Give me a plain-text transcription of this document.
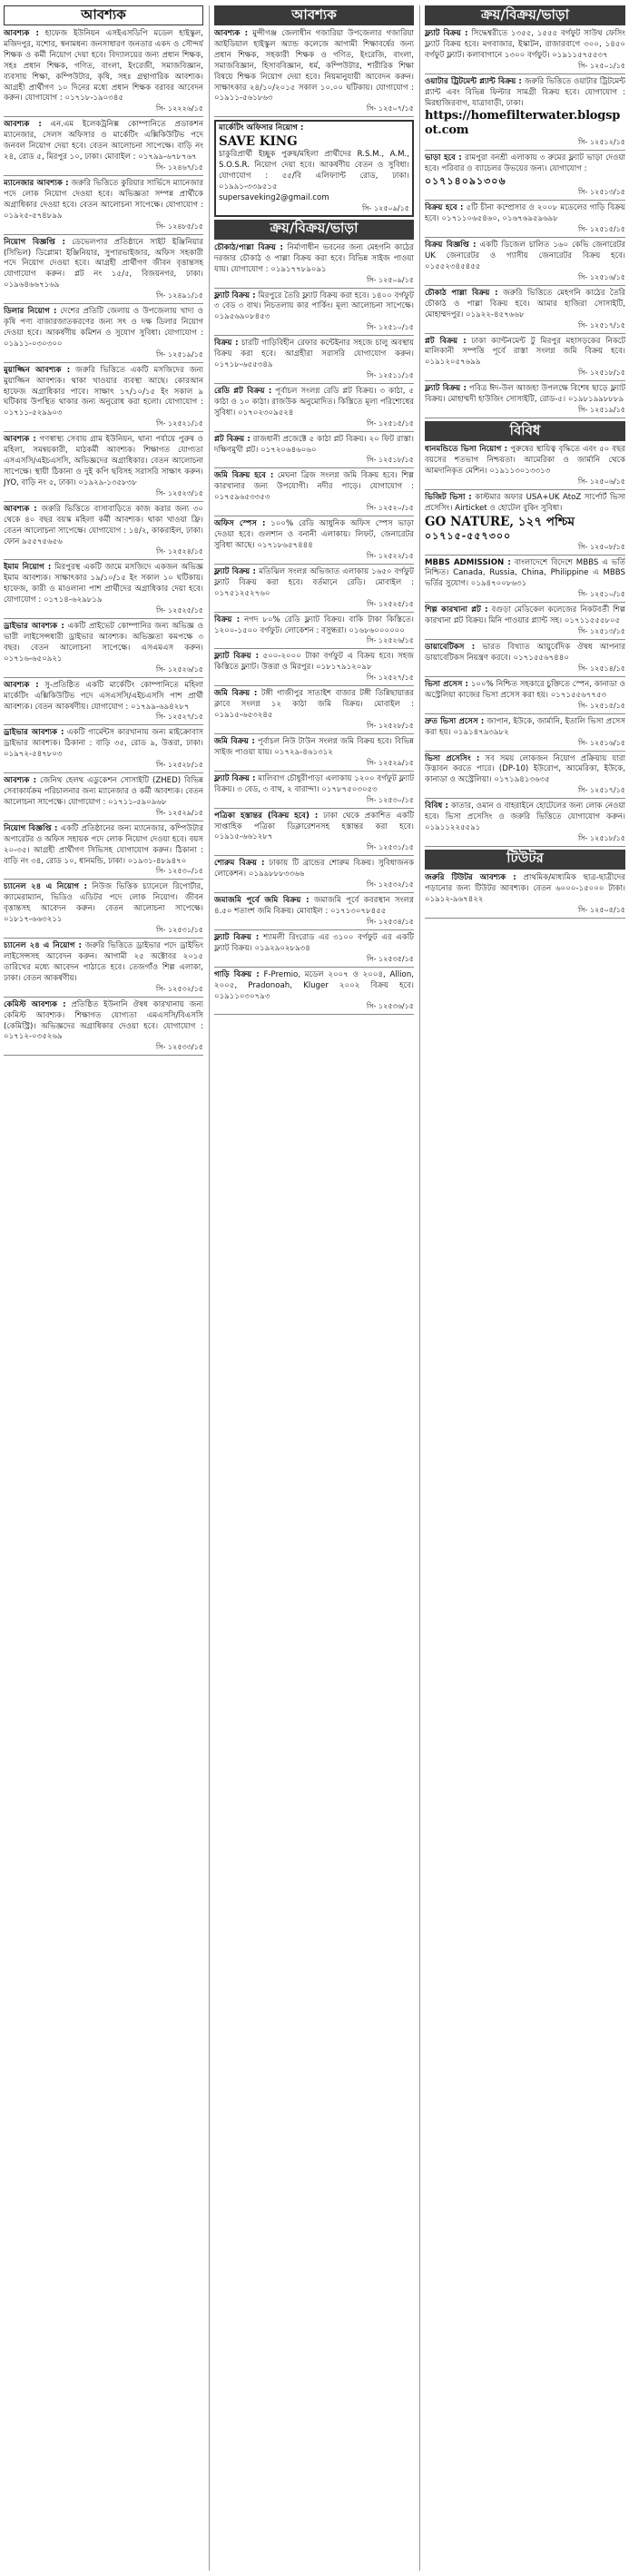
আবশ্যক
আবশ্যক : হাফেজ ইউনিয়ন এসইএসডিপি মডেল হাইস্কুল, মজিদপুর, যশোর, স্বনামধন্য জনসাধারণ জনতার একদ ও সৌন্দর্য শিক্ষক ও কর্মী নিয়োগ দেয়া হবে। বিদ্যালয়ের জন্য প্রধান শিক্ষক, সহঃ প্রধান শিক্ষক, গণিত, বাংলা, ইংরেজী, সমাজবিজ্ঞান, ব্যবসায় শিক্ষা, কম্পিউটার, কৃষি, সহঃ গ্রন্থাগারিক আবশ্যক। আগ্রহী প্রার্থীগণ ১০ দিনের মধ্যে প্রধান শিক্ষক বরাবর আবেদন করুন। যোগাযোগ : ০১৭১৮-১৯০৩৪৫
সি- ১২২২৬/১৫
আবশ্যক : এন.এম ইলেকট্রনিক্স কোম্পানিতে প্রডাকশন ম্যানেজার, সেলস অফিসার ও মার্কেটিং এক্সিকিউটিভ পদে জনবল নিয়োগ দেয়া হবে। বেতন আলোচনা সাপেক্ষে। বাড়ি নং ২৪, রোড ৫, মিরপুর ১০, ঢাকা। মোবাইল : ০১৭৯৯-৬৭৮৭৬৭
সি- ১২৪৬৭/১৫
ম্যানেজার আবশ্যক : জরুরি ভিত্তিতে কুরিয়ার সার্ভিসে ম্যানেজার পদে লোক নিয়োগ দেওয়া হবে। অভিজ্ঞতা সম্পন্ন প্রার্থীকে অগ্রাধিকার দেওয়া হবে। বেতন আলোচনা সাপেক্ষে। যোগাযোগ : ০১৯২৫-৫৭৪৮৯৯
সি- ১২৪৮৫/১৫
নিয়োগ বিজ্ঞপ্তি : ডেভেলপার প্রতিষ্ঠানে সাইট ইঞ্জিনিয়ার (সিভিল) ডিপ্লোমা ইঞ্জিনিয়ার, সুপারভাইজার, অফিস সহকারী পদে নিয়োগ দেওয়া হবে। আগ্রহী প্রার্থীগণ জীবন বৃত্তান্তসহ যোগাযোগ করুন। প্লট নং ১৫/৫, বিজয়নগর, ঢাকা। ০১৯৬৪৬৬৭১৬৯
সি- ১২৪৯১/১৫
ডিলার নিয়োগ : দেশের প্রতিটি জেলায় ও উপজেলায় খাদ্য ও কৃষি পণ্য বাজারজাতকরণের জন্য সৎ ও দক্ষ ডিলার নিয়োগ দেওয়া হবে। আকর্ষণীয় কমিশন ও সুযোগ সুবিধা। যোগাযোগ : ০১৯১১-০৩০৩০০
সি- ১২৫১৯/১৫
মুয়াজ্জিন আবশ্যক : জরুরি ভিত্তিতে একটি মসজিদের জন্য মুয়াজ্জিন আবশ্যক। থাকা খাওয়ার ব্যবস্থা আছে। কোরআন হাফেজ অগ্রাধিকার পাবে। সাক্ষাৎ ১৭/১০/১৫ ইং সকাল ৯ ঘটিকায় উপস্থিত থাকার জন্য অনুরোধ করা হলো। যোগাযোগ : ০১৭১১-৫২৯৯০৩
সি- ১২৫২১/১৫
আবশ্যক : গণস্বাস্থ্য সেবায় গ্রাম ইউনিয়ন, থানা পর্যায়ে পুরুষ ও মহিলা, সমন্বয়কারী, মাঠকর্মী আবশ্যক। শিক্ষাগত যোগ্যতা এসএসসি/এইচএসসি, অভিজ্ঞদের অগ্রাধিকার। বেতন আলোচনা সাপেক্ষে। স্থায়ী ঠিকানা ও দুই কপি ছবিসহ সরাসরি সাক্ষাৎ করুন। JYO, বাড়ি নং ৫, ঢাকা। ০১৯২৯-১৩৫৮৩৮
সি- ১২৫২৩/১৫
আবশ্যক : জরুরি ভিত্তিতে বাসাবাড়িতে কাজ করার জন্য ৩০ থেকে ৪০ বছর বয়স্ক মহিলা কর্মী আবশ্যক। থাকা খাওয়া ফ্রি। বেতন আলোচনা সাপেক্ষে। যোগাযোগ : ১৪/২, কাকরাইল, ঢাকা। ফোন ৯৫৫৭৫৬৫৬
সি- ১২৫২৪/১৫
ইমাম নিয়োগ : মিরপুরস্থ একটি জামে মসজিদে একজন অভিজ্ঞ ইমাম আবশ্যক। সাক্ষাৎকার ১৯/১০/১৫ ইং সকাল ১০ ঘটিকায়। হাফেজ, কারী ও মাওলানা পাশ প্রার্থীদের অগ্রাধিকার দেয়া হবে। যোগাযোগ : ০১৭১৪-৬২৯৮১৯
সি- ১২৫২৫/১৫
ড্রাইভার আবশ্যক : একটি প্রাইভেট কোম্পানির জন্য অভিজ্ঞ ও ভারী লাইসেন্সধারী ড্রাইভার আবশ্যক। অভিজ্ঞতা কমপক্ষে ৩ বছর। বেতন আলোচনা সাপেক্ষে। এসএমএস করুন। ০১৭১৬-৬৫০৯২১
সি- ১২৫২৬/১৫
আবশ্যক : সু-প্রতিষ্ঠিত একটি মার্কেটিং কোম্পানিতে মহিলা মার্কেটিং এক্সিকিউটিভ পদে এসএসসি/এইচএসসি পাশ প্রার্থী আবশ্যক। বেতন আকর্ষণীয়। যোগাযোগ : ০১৭৯৯-৬৯৪২৮৭
সি- ১২৫২৭/১৫
ড্রাইভার আবশ্যক : একটি গার্মেন্টস কারখানায় জন্য মাইক্রোবাস ড্রাইভার আবশ্যক। ঠিকানা : বাড়ি ৩৫, রোড ৯, উত্তরা, ঢাকা। ০১৯৭২-৫৪৭৮০৩
সি- ১২৫২৮/১৫
আবশ্যক : জেনিথ হেলথ এডুকেশন সোসাইটি (ZHED) বিভিন্ন সেবাকার্যক্রম পরিচালনার জন্য ম্যানেজার ও কর্মী আবশ্যক। বেতন আলোচনা সাপেক্ষে। যোগাযোগ : ০১৭১১-৫৯০৯৬৮
সি- ১২৫২৯/১৫
নিয়োগ বিজ্ঞপ্তি : একটি প্রতিষ্ঠানের জন্য ম্যানেজার, কম্পিউটার অপারেটর ও অফিস সহায়ক পদে লোক নিয়োগ দেওয়া হবে। বয়স ২০-৩৫। আগ্রহী প্রার্থীগণ সিভিসহ যোগাযোগ করুন। ঠিকানা : বাড়ি নং ৩৪, রোড ১০, ধানমন্ডি, ঢাকা। ০১৯৩১-৪৮৯৪৭০
সি- ১২৫৩০/১৫
চ্যানেল ২৪ এ নিয়োগ : নিউজ ভিত্তিক চ্যানেলে রিপোর্টার, ক্যামেরাম্যান, ভিডিও এডিটর পদে লোক নিয়োগ। জীবন বৃত্তান্তসহ আবেদন করুন। বেতন আলোচনা সাপেক্ষে। ০১৮১৭-৬৬৩২১১
সি- ১২৫৩১/১৫
চ্যানেল ২৪ এ নিয়োগ : জরুরি ভিত্তিতে ড্রাইভার পদে ড্রাইভিং লাইসেন্সসহ আবেদন করুন। আগামী ২৫ অক্টোবর ২০১৫ তারিখের মধ্যে আবেদন পাঠাতে হবে। তেজগাঁও শিল্প এলাকা, ঢাকা। বেতন আকর্ষণীয়।
সি- ১২৫৩২/১৫
কেমিস্ট আবশ্যক : প্রতিষ্ঠিত ইউনানি ঔষধ কারখানায় জন্য কেমিস্ট আবশ্যক। শিক্ষাগত যোগ্যতা এমএসসি/বিএসসি (কেমিস্ট্রি)। অভিজ্ঞদের অগ্রাধিকার দেওয়া হবে। যোগাযোগ : ০১৭১২-০৩৫২৬৯
সি- ১২৫৩৩/১৫
আবশ্যক
আবশ্যক : মুন্সীগঞ্জ জেলাধীন গজারিয়া উপজেলার গজারিয়া আইডিয়াল হাইস্কুল অ্যান্ড কলেজে আগামী শিক্ষাবর্ষের জন্য প্রধান শিক্ষক, সহকারী শিক্ষক ও গণিত, ইংরেজি, বাংলা, সমাজবিজ্ঞান, হিসাববিজ্ঞান, ধর্ম, কম্পিউটার, শারীরিক শিক্ষা বিষয়ে শিক্ষক নিয়োগ দেয়া হবে। নিয়মানুযায়ী আবেদন করুন। সাক্ষাৎকার ২৪/১০/২০১৫ সকাল ১০.০০ ঘটিকায়। যোগাযোগ : ০১৯১১-৫৬১৮৬৩
সি- ১২৫০৭/১৫
মার্কেটিং অফিসার নিয়োগ :
SAVE KING
চাকুরিপ্রার্থী ইচ্ছুক পুরুষ/মহিলা প্রার্থীদের R.S.M., A.M., S.O.S.R. নিয়োগ দেয়া হবে। আকর্ষণীয় বেতন ও সুবিধা। যোগাযোগ : ৫৫/বি এলিফ্যান্ট রোড, ঢাকা। ০১৯৯১-৩৩৯৫১৫
supersaveking2@gmail.com
সি- ১২৫০৯/১৫
ক্রয়/বিক্রয়/ভাড়া
চৌকাঠ/পাল্লা বিক্রয় : নির্মাণাধীন ভবনের জন্য মেহগনি কাঠের দরজার চৌকাঠ ও পাল্লা বিক্রয় করা হবে। বিভিন্ন সাইজ পাওয়া যায়। যোগাযোগ : ০১৯১৭৭৮৯০৯১
সি- ১২৫০৯/১৫
ফ্ল্যাট বিক্রয় : মিরপুরে তৈরি ফ্ল্যাট বিক্রয় করা হবে। ১৪০০ বর্গফুট ৩ বেড ৩ বাথ। নিচতলায় কার পার্কিং। মূল্য আলোচনা সাপেক্ষে। ০১৯৫৬৯০৮৪৫৩
সি- ১২৫১০/১৫
বিক্রয় : চারটি গাড়িবিহীন রেফার কন্টেইনার সহজে চালু অবস্থায় বিক্রয় করা হবে। আগ্রহীরা সরাসরি যোগাযোগ করুন। ০১৭১৮-৬৫৫৩৪৯
সি- ১২৫১১/১৫
রেডি প্লট বিক্রয় : পূর্বাচল সংলগ্ন রেডি প্লট বিক্রয়। ৩ কাঠা, ৫ কাঠা ও ১০ কাঠা। রাজউক অনুমোদিত। কিস্তিতে মূল্য পরিশোধের সুবিধা। ০১৭০২৩০৯৫২৪
সি- ১২৫১৫/১৫
প্লট বিক্রয় : রাজধানী প্রজেক্টে ৫ কাঠা প্লট বিক্রয়। ২০ ফিট রাস্তা। দক্ষিণমুখী প্লট। ০১৭২০৬৪৬০৬০
সি- ১২৫১৮/১৫
জমি বিক্রয় হবে : মেঘনা ব্রিজ সংলগ্ন জমি বিক্রয় হবে। শিল্প কারখানার জন্য উপযোগী। নদীর পাড়ে। যোগাযোগ : ০১৭৫৯৬৫৩৩৫৩
সি- ১২৫২০/১৫
অফিস স্পেস : ১০০% রেডি আধুনিক অফিস স্পেস ভাড়া দেওয়া হবে। গুলশান ও বনানী এলাকায়। লিফট, জেনারেটর সুবিধা আছে। ০১৭১৮৬৫৭৪৪৪
সি- ১২৫২২/১৫
ফ্ল্যাট বিক্রয় : মতিঝিল সংলগ্ন অভিজাত এলাকায় ১৬৫০ বর্গফুট ফ্ল্যাট বিক্রয় করা হবে। বর্তমানে রেডি। মোবাইল : ০১৭৫১২৫২৭৬০
সি- ১২৫২৫/১৫
বিক্রয় : নগদ ৮০% রেডি ফ্ল্যাট বিক্রয়। বাকি টাকা কিস্তিতে। ১২০০-১৫০০ বর্গফুট। লোকেশন : বসুন্ধরা। ০১৬৮৬০০০০০০
সি- ১২৫২৬/১৫
ফ্ল্যাট বিক্রয় : ৫০০-২০০০ টাকা বর্গফুট এ বিক্রয় হবে। সহজ কিস্তিতে ফ্ল্যাট। উত্তরা ও মিরপুর। ০১৮১৭৯১২০৯৮
সি- ১২৫২৭/১৫
জমি বিক্রয় : টঙ্গী গাজীপুর সাতাইশ বাজার টঙ্গী তিন্নিছায়াত্তর ক্লাবে সংলগ্ন ১২ কাঠা জমি বিক্রয়। মোবাইল : ০১৯১৫-৬৫৩২৪৫
সি- ১২৫২৮/১৫
জমি বিক্রয় : পূর্বাচল নিউ টাউন সংলগ্ন জমি বিক্রয় হবে। বিভিন্ন সাইজ পাওয়া যায়। ০১৭২৯-৪৬১৩১২
সি- ১২৫২৯/১৫
ফ্ল্যাট বিক্রয় : মালিবাগ চৌধুরীপাড়া এলাকায় ১২০০ বর্গফুট ফ্ল্যাট বিক্রয়। ৩ বেড, ৩ বাথ, ২ বারান্দা। ০১৭৮৭৫০৩০৫৩
সি- ১২৫৩০/১৫
পত্রিকা হস্তান্তর (বিক্রয় হবে) : ঢাকা থেকে প্রকাশিত একটি সাপ্তাহিক পত্রিকা ডিক্লারেশনসহ হস্তান্তর করা হবে। ০১৯১৫-৬৬১২৮৭
সি- ১২৫৩১/১৫
শোরুম বিক্রয় : ঢাকায় টি ব্রান্ডের শোরুম বিক্রয়। সুবিধাজনক লোকেশন। ০১৯৯৮৮৮৩৩৬৬
সি- ১২৫৩২/১৫
জমাজমি পূর্বে জমি বিক্রয় : জমাজমি পূর্বে কবরস্থান সংলগ্ন ৪.৫০ শতাংশ জমি বিক্রয়। মোবাইল : ০১৭১৩০৭৮৪৫৫
সি- ১২৫৩৪/১৫
ফ্ল্যাট বিক্রয় : শ্যামলী রিংরোড এর ৩১০০ বর্গফুট এর একটি ফ্ল্যাট বিক্রয়। ০১৯২৯০২৮৯৩৪
সি- ১২৫৩৫/১৫
গাড়ি বিক্রয় : F-Premio, মডেল ২০০৭ ও ২০০৪, Allion, ২০০৫, Pradonoah, Kluger ২০০২ বিক্রয় হবে। ০১৯১১০৩০৭৯৩
সি- ১২৫৩৬/১৫
ক্রয়/বিক্রয়/ভাড়া
ফ্ল্যাট বিক্রয় : সিদ্ধেশ্বরীতে ১৩৫৫, ১৫৫৫ বর্গফুট সাউথ ফেসিং ফ্ল্যাট বিক্রয় হবে। মগবাজার, ইস্কাটন, রাজারবাগে ৩০০, ১৪৫০ বর্গফুট ফ্ল্যাট। কলাবাগানে ১৩০০ বর্গফুট। ০১৯১১৫৭৫৫৩৭
সি- ১২৫০১/১৫
ওয়াটার ট্রিটমেন্ট প্ল্যান্ট বিক্রয় : জরুরি ভিত্তিতে ওয়াটার ট্রিটমেন্ট প্ল্যান্ট এবং বিভিন্ন ফিল্টার সামগ্রী বিক্রয় হবে। যোগাযোগ : মিরহাজিরবাগ, যাত্রাবাড়ী, ঢাকা।
https://homefilterwater.blogspot.com
সি- ১২৫১২/১৫
ভাড়া হবে : রামপুরা বনশ্রী এলাকায় ৩ রুমের ফ্ল্যাট ভাড়া দেওয়া হবে। পরিবার ও ব্যাচেলর উভয়ের জন্য। যোগাযোগ :
০১৭১৪০৯১৩০৬
সি- ১২৫১৩/১৫
বিক্রয় হবে : ৫টি চীনা কম্প্রেসার ও ২০০৮ মডেলের গাড়ি বিক্রয় হবে। ০১৭১১০৬৫৪৬০, ০১৬৭৬৯৫৯৬৯৮
সি- ১২৫১৫/১৫
বিক্রয় বিজ্ঞপ্তি : একটি ডিজেল চালিত ১৬০ কেভি জেনারেটর UK জেনারেটর ও গ্যাসীয় জেনারেটর বিক্রয় হবে। ০১৫৫২৩৪৫৪৫৫
সি- ১২৫১৬/১৫
চৌকাঠ পাল্লা বিক্রয় : জরুরি ভিত্তিতে মেহগনি কাঠের তৈরি চৌকাঠ ও পাল্লা বিক্রয় হবে। আমার হাজিরা সোসাইটি, মোহাম্মদপুর। ০১৯২২-৪৫৭৬৬৮
সি- ১২৫১৭/১৫
প্লট বিক্রয় : ঢাকা ক্যান্টনমেন্ট টু মিরপুর মহাসড়কের নিকটে মালিকানী সম্পত্তি পূর্বে রাস্তা সংলগ্ন জমি বিক্রয় হবে। ০১৯১২০৫৭৬৯৯
সি- ১২৫১৮/১৫
ফ্ল্যাট বিক্রয় : পবিত্র ঈদ-উল আজহা উপলক্ষে বিশেষ ছাড়ে ফ্ল্যাট বিক্রয়। মোহাম্মদী হাউজিং সোসাইটি, রোড-৫। ০১৯৮১৯৯৮৮৮৯
সি- ১২৫১৯/১৫
বিবিধ
ধানমন্ডিতে ভিসা নিয়োগ : পুরুষের স্থায়িত্ব বৃদ্ধিতে এবং ৫০ বছর বয়সের শতভাগ নিশ্চয়তা। আমেরিকা ও জার্মানি থেকে আমদানিকৃত মেশিন। ০১৯১১৩০১৩৩১৩
সি- ১২৫০৬/১৫
ভিজিট ভিসা : কাস্টমার অফার USA+UK AtoZ সার্পোর্ট ভিসা প্রসেসিং। Airticket ও হোটেল বুকিং সুবিধা।
GO NATURE, ১২৭ পশ্চিম
০১৭১৫-৫৫৭৩০০
সি- ১২৫০৮/১৫
MBBS ADMISSION : বাংলাদেশে বিদেশে MBBS এ ভর্তি নিশ্চিত। Canada, Russia, China, Philippine এ MBBS ভর্তির সুযোগ। ০১৯৪৭০০৮৬৩১
সি- ১২৫১০/১৫
শিল্প কারখানা প্লট : বগুড়া মেডিকেল কলেজের নিকটবর্তী শিল্প কারখানা প্লট বিক্রয়। মিনি পাওয়ার প্ল্যান্ট সহ। ০১৭১১৫৫৫৮০৫
সি- ১২৫১৩/১৫
ডায়াবেটিকস : ভারত বিখ্যাত আয়ুর্বেদিক ঔষধ আপনার ডায়াবেটিকস নিয়ন্ত্রণ করবে। ০১৭১৫৫৬৭৪৪০
সি- ১২৫১৪/১৫
ভিসা প্রসেস : ১০০% নিশ্চিত সহকারে চুক্তিতে স্পেন, কানাডা ও অস্ট্রেলিয়া কাজের ভিসা প্রসেস করা হয়। ০১৭১৫৫৬৭৭৫৩
সি- ১২৫১৫/১৫
দ্রুত ভিসা প্রসেস : জাপান, ইউকে, জার্মানি, ইতালি ভিসা প্রসেস করা হয়। ০১৯১৪৭৯৩৯৮২
সি- ১২৫১৬/১৫
ভিসা প্রসেসিং : সব সময় লোকজন নিয়োগ প্রক্রিয়ায় যারা উদ্ভাবন করতে পারে। (DP-10) ইউরোপ, আমেরিকা, ইউকে, কানাডা ও অস্ট্রেলিয়া। ০১৭১৯৪১৩৬৩৫
সি- ১২৫১৭/১৫
বিবিধ : কাতার, ওমান ও বাহরাইনে হোটেলের জন্য লোক নেওয়া হবে। ভিসা প্রসেসিং ও জরুরি ভিত্তিতে যোগাযোগ করুন। ০১৯১১২২৫৫৯১
সি- ১২৫১৮/১৫
টিউটর
জরুরি টিউটর আবশ্যক : প্রাথমিক/মাধ্যমিক ছাত্র-ছাত্রীদের পড়ানোর জন্য টিউটর আবশ্যক। বেতন ৬০০০-১৫০০০ টাকা। ০১৯১২-৯৬৭৪২২
সি- ১২৫০৫/১৫
